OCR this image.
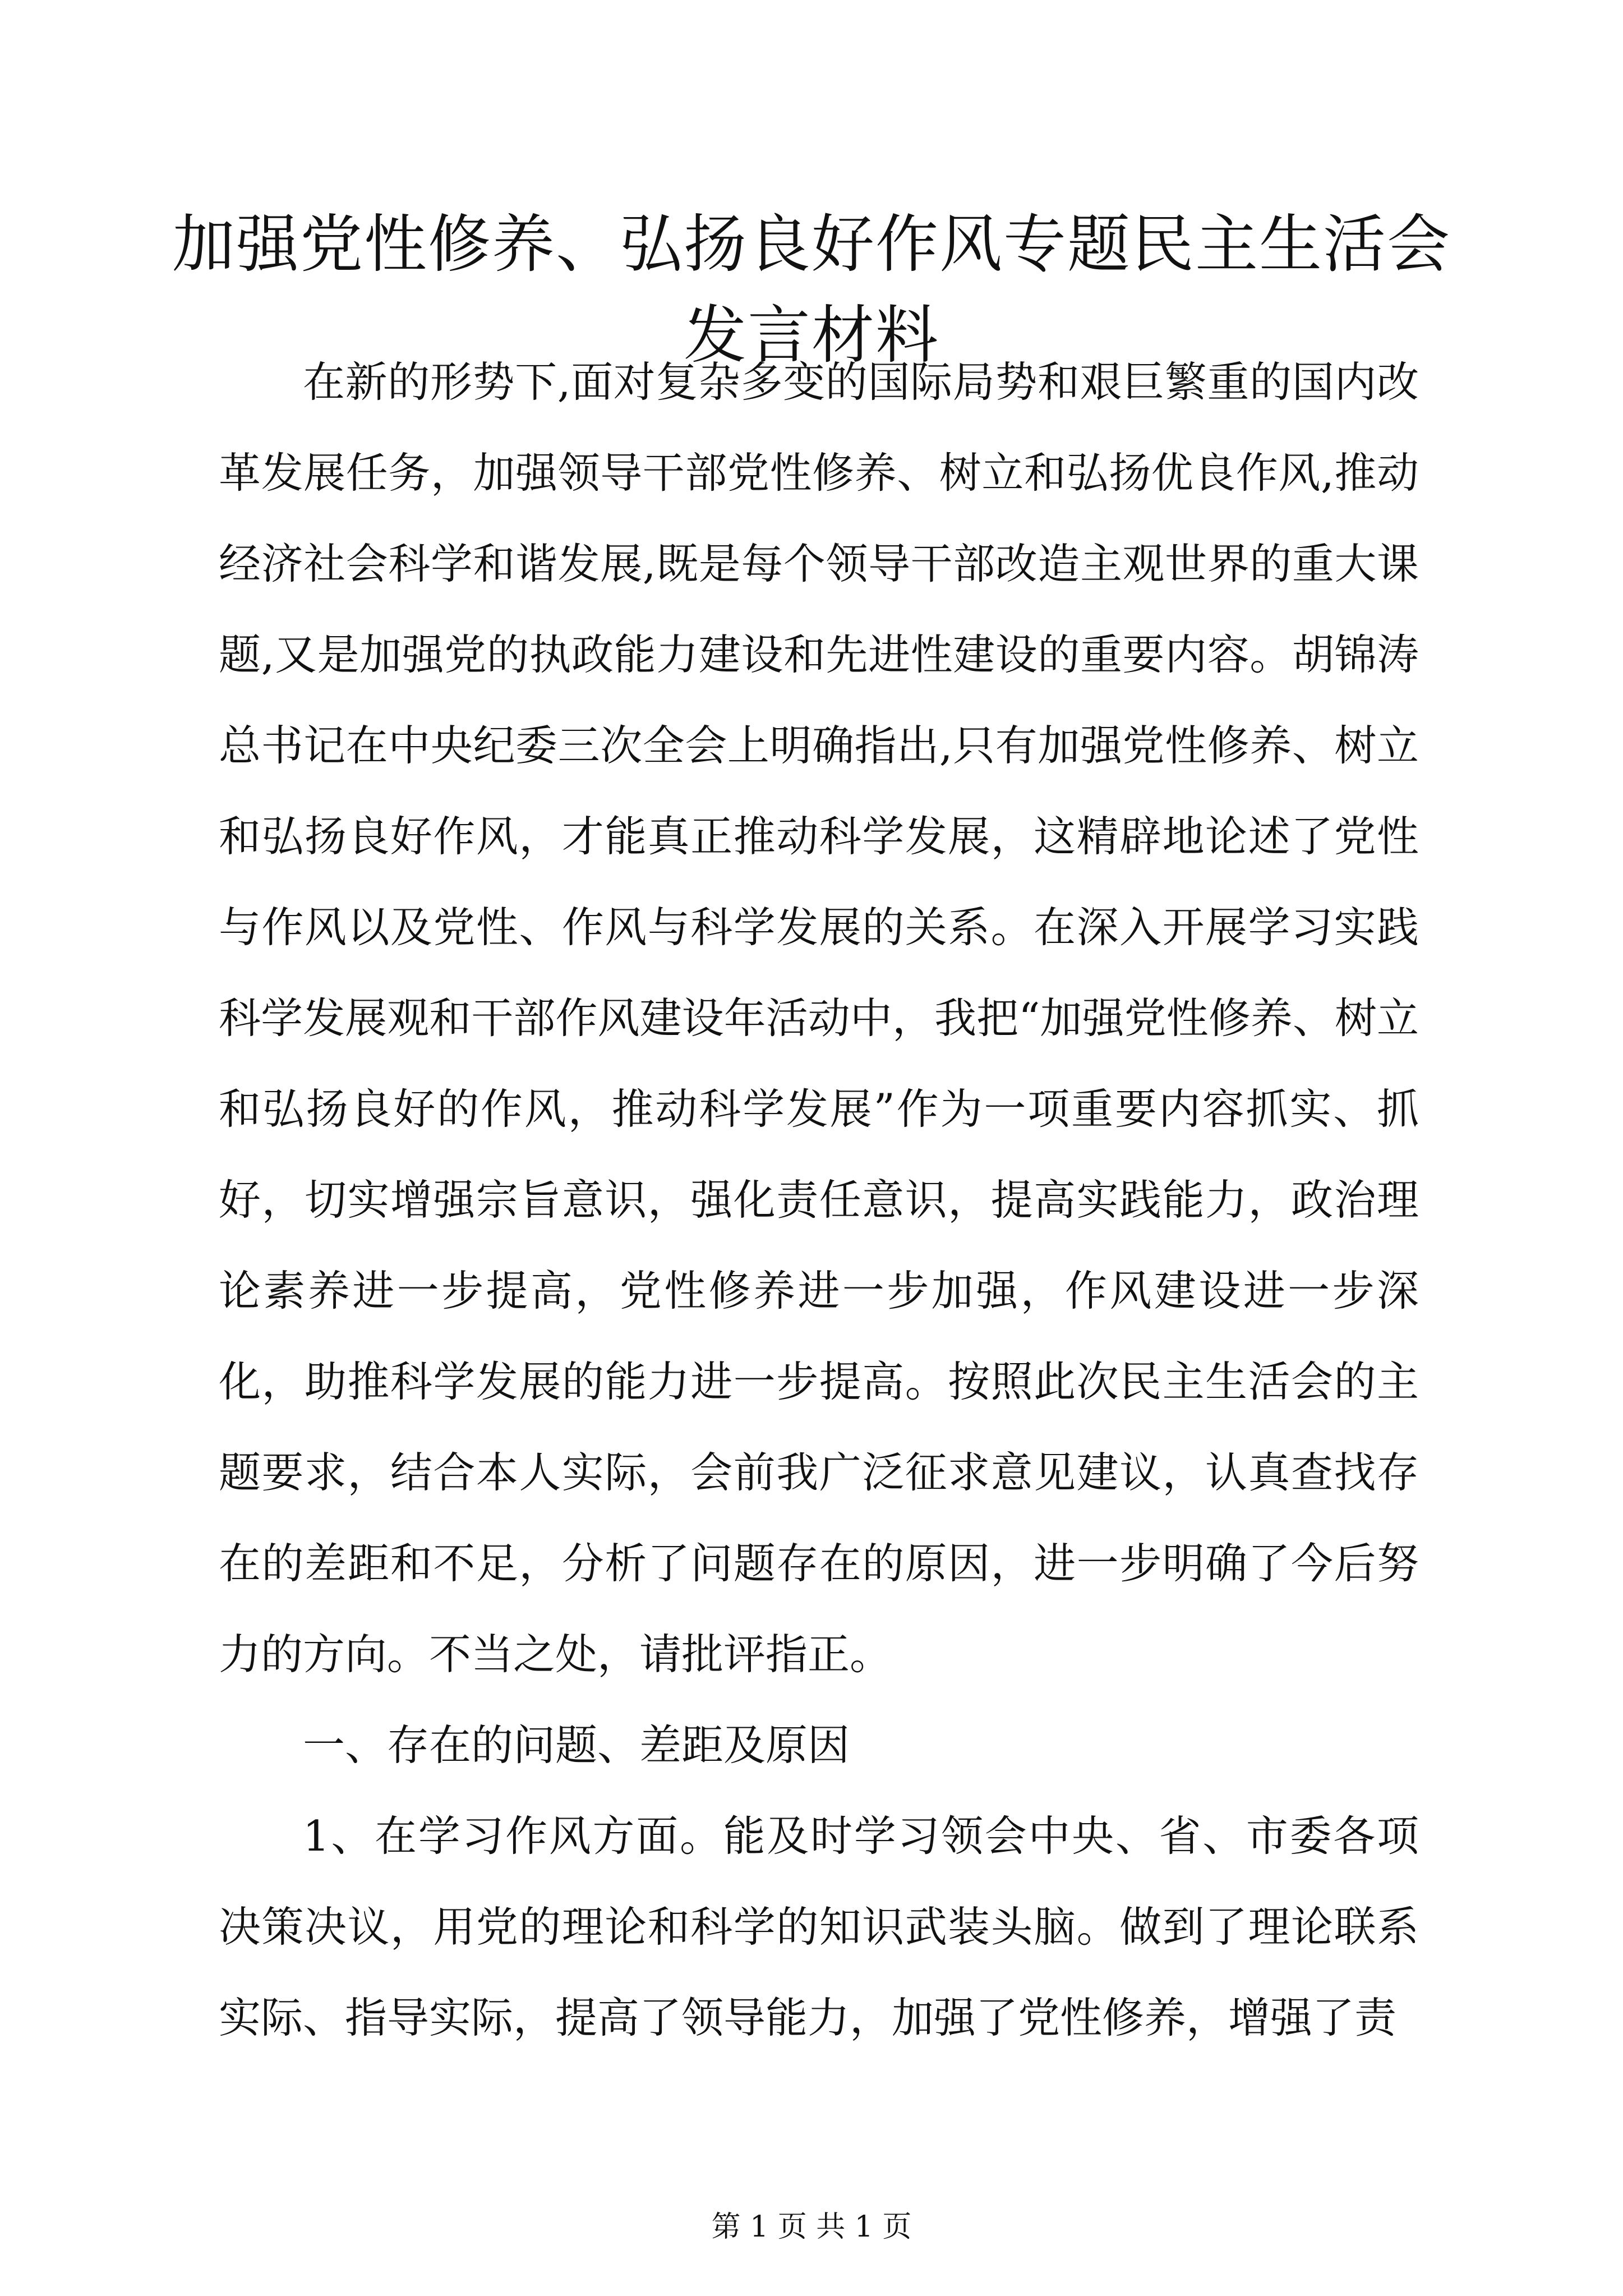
加强党性修养、弘扬良好作风专题民主生活会
发言材料

在新的形势下,面对复杂多变的国际局势和艰巨繁重的国内改革发展任务，加强领导干部党性修养、树立和弘扬优良作风,推动经济社会科学和谐发展,既是每个领导干部改造主观世界的重大课题,又是加强党的执政能力建设和先进性建设的重要内容。胡锦涛总书记在中央纪委三次全会上明确指出,只有加强党性修养、树立和弘扬良好作风，才能真正推动科学发展，这精辟地论述了党性与作风以及党性、作风与科学发展的关系。在深入开展学习实践科学发展观和干部作风建设年活动中，我把“加强党性修养、树立和弘扬良好的作风，推动科学发展”作为一项重要内容抓实、抓好，切实增强宗旨意识，强化责任意识，提高实践能力，政治理论素养进一步提高，党性修养进一步加强，作风建设进一步深化，助推科学发展的能力进一步提高。按照此次民主生活会的主题要求，结合本人实际，会前我广泛征求意见建议，认真查找存在的差距和不足，分析了问题存在的原因，进一步明确了今后努力的方向。不当之处，请批评指正。

一、存在的问题、差距及原因

1、在学习作风方面。能及时学习领会中央、省、市委各项决策决议，用党的理论和科学的知识武装头脑。做到了理论联系实际、指导实际，提高了领导能力，加强了党性修养，增强了责

第 1 页 共 1 页
